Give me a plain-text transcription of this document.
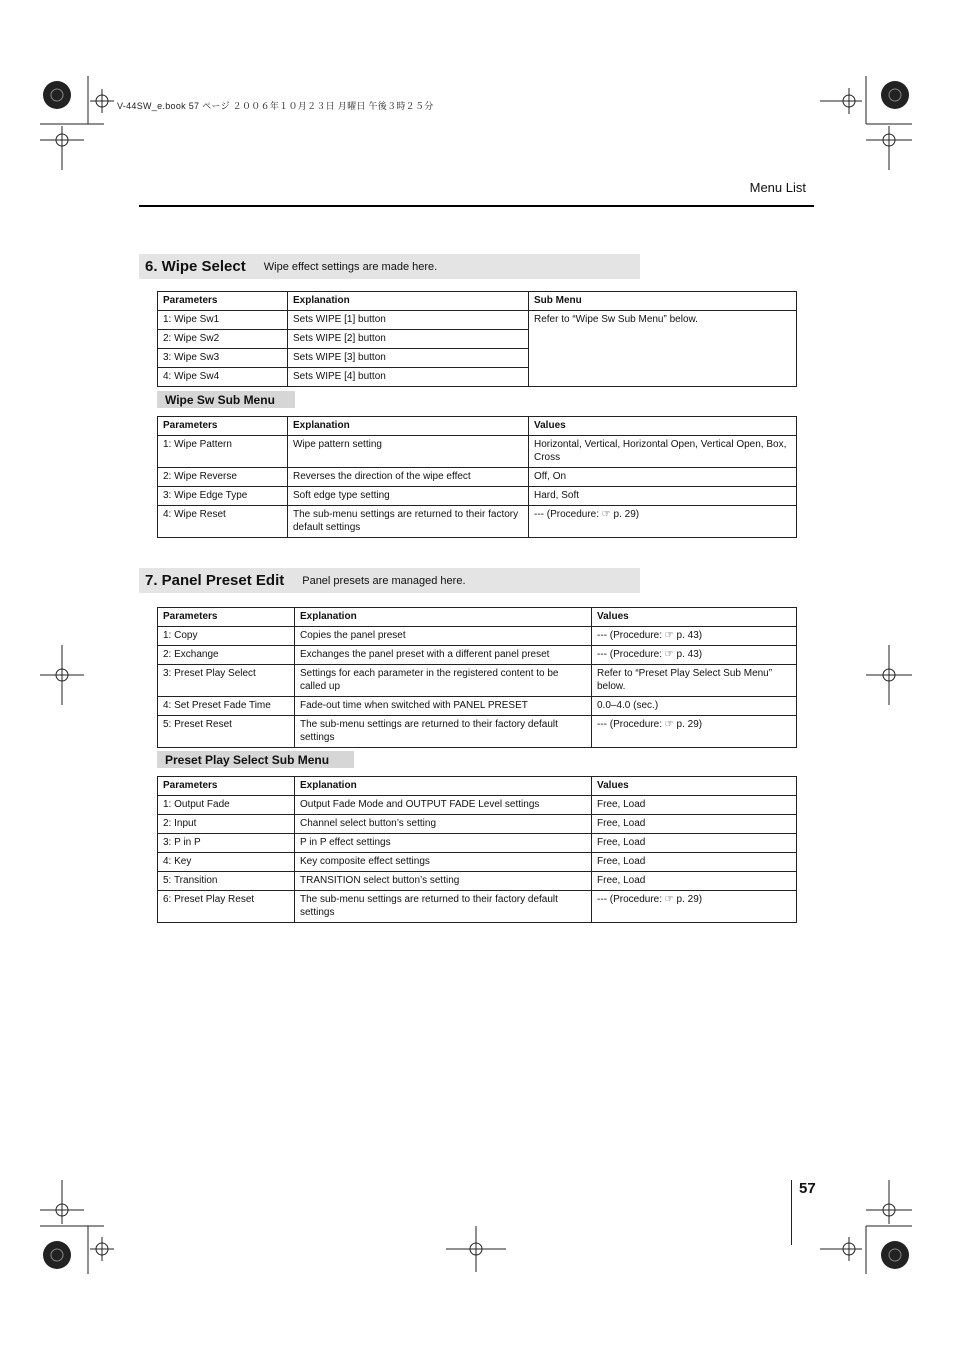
V-44SW_e.book 57 ページ ２００６年１０月２３日 月曜日 午後３時２５分
Menu List
6. Wipe Select Wipe effect settings are made here.
Parameters	Explanation	Sub Menu
1: Wipe Sw1	Sets WIPE [1] button	Refer to “Wipe Sw Sub Menu” below.
2: Wipe Sw2	Sets WIPE [2] button	
3: Wipe Sw3	Sets WIPE [3] button	
4: Wipe Sw4	Sets WIPE [4] button	
Wipe Sw Sub Menu
Parameters	Explanation	Values
1: Wipe Pattern	Wipe pattern setting	Horizontal, Vertical, Horizontal Open, Vertical Open, Box, Cross
2: Wipe Reverse	Reverses the direction of the wipe effect	Off, On
3: Wipe Edge Type	Soft edge type setting	Hard, Soft
4: Wipe Reset	The sub-menu settings are returned to their factory default settings	--- (Procedure: ☞ p. 29)
7. Panel Preset Edit Panel presets are managed here.
Parameters	Explanation	Values
1: Copy	Copies the panel preset	--- (Procedure: ☞ p. 43)
2: Exchange	Exchanges the panel preset with a different panel preset	--- (Procedure: ☞ p. 43)
3: Preset Play Select	Settings for each parameter in the registered content to be called up	Refer to “Preset Play Select Sub Menu” below.
4: Set Preset Fade Time	Fade-out time when switched with PANEL PRESET	0.0–4.0 (sec.)
5: Preset Reset	The sub-menu settings are returned to their factory default settings	--- (Procedure: ☞ p. 29)
Preset Play Select Sub Menu
Parameters	Explanation	Values
1: Output Fade	Output Fade Mode and OUTPUT FADE Level settings	Free, Load
2: Input	Channel select button’s setting	Free, Load
3: P in P	P in P effect settings	Free, Load
4: Key	Key composite effect settings	Free, Load
5: Transition	TRANSITION select button’s setting	Free, Load
6: Preset Play Reset	The sub-menu settings are returned to their factory default settings	--- (Procedure: ☞ p. 29)
57
